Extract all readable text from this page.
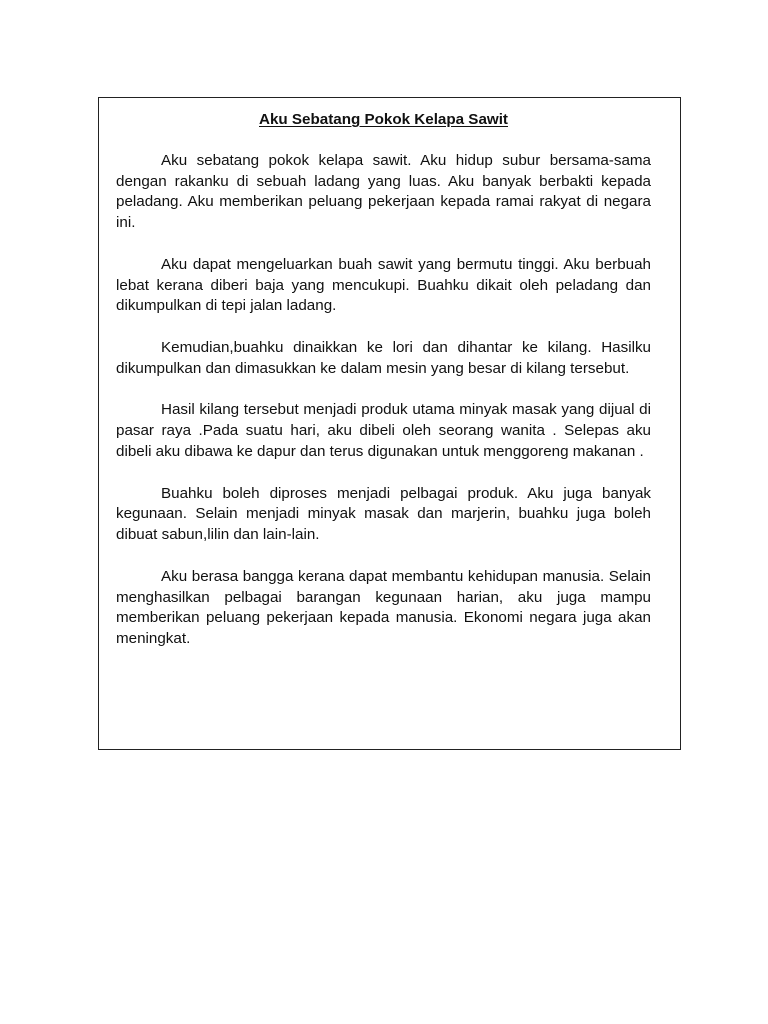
Aku Sebatang Pokok Kelapa Sawit

Aku sebatang pokok kelapa sawit. Aku hidup subur bersama-sama dengan rakanku di sebuah ladang yang luas. Aku banyak berbakti kepada peladang. Aku memberikan peluang pekerjaan kepada ramai rakyat di negara ini.

Aku dapat mengeluarkan buah sawit yang bermutu tinggi. Aku berbuah lebat kerana diberi baja yang mencukupi. Buahku dikait oleh peladang dan dikumpulkan di tepi jalan ladang.

Kemudian,buahku dinaikkan ke lori dan dihantar ke kilang. Hasilku dikumpulkan dan dimasukkan ke dalam mesin yang besar di kilang tersebut.

Hasil kilang tersebut menjadi produk utama minyak masak yang dijual di pasar raya .Pada suatu hari, aku dibeli oleh seorang wanita . Selepas aku dibeli aku dibawa ke dapur dan terus digunakan untuk menggoreng makanan .

Buahku boleh diproses menjadi pelbagai produk. Aku juga banyak kegunaan. Selain menjadi minyak masak dan marjerin, buahku juga boleh dibuat sabun,lilin dan lain-lain.

Aku berasa bangga kerana dapat membantu kehidupan manusia. Selain menghasilkan pelbagai barangan kegunaan harian, aku juga mampu memberikan peluang pekerjaan kepada manusia. Ekonomi negara juga akan meningkat.
